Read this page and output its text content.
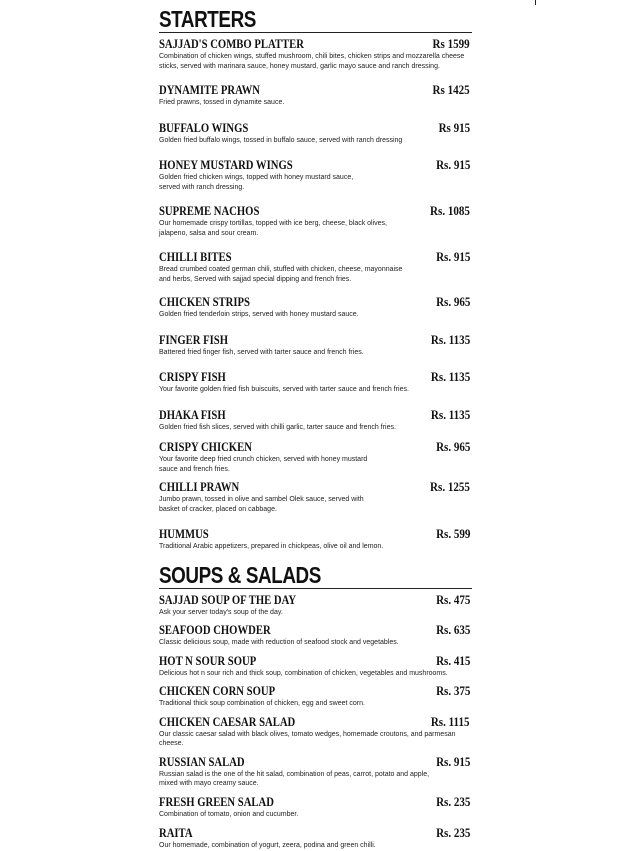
STARTERS
SAJJAD'S COMBO PLATTER	Rs 1599
Combination of chicken wings, stuffed mushroom, chili bites, chicken strips and mozzarella cheese
sticks, served with marinara sauce, honey mustard, garlic mayo sauce and ranch dressing.
DYNAMITE PRAWN	Rs 1425
Fried prawns, tossed in dynamite sauce.
BUFFALO WINGS	Rs 915
Golden fried buffalo wings, tossed in buffalo sauce, served with ranch dressing
HONEY MUSTARD WINGS	Rs. 915
Golden fried chicken wings, topped with honey mustard sauce,
served with ranch dressing.
SUPREME NACHOS	Rs. 1085
Our homemade crispy tortillas, topped with ice berg, cheese, black olives,
jalapeno, salsa and sour cream.
CHILLI BITES	Rs. 915
Bread crumbed coated german chili, stuffed with chicken, cheese, mayonnaise
and herbs, Served with sajjad special dipping and french fries.
CHICKEN STRIPS	Rs. 965
Golden fried tenderloin strips, served with honey mustard sauce.
FINGER FISH	Rs. 1135
Battered fried finger fish, served with tarter sauce and french fries.
CRISPY FISH	Rs. 1135
Your favorite golden fried fish buiscuits, served with tarter sauce and french fries.
DHAKA FISH	Rs. 1135
Golden fried fish slices, served with chilli garlic, tarter sauce and french fries.
CRISPY CHICKEN	Rs. 965
Your favorite deep fried crunch chicken, served with honey mustard
sauce and french fries.
CHILLI PRAWN	Rs. 1255
Jumbo prawn, tossed in olive and sambel Olek sauce, served with
basket of cracker, placed on cabbage.
HUMMUS	Rs. 599
Traditional Arabic appetizers, prepared in chickpeas, olive oil and lemon.
SOUPS & SALADS
SAJJAD SOUP OF THE DAY	Rs. 475
Ask your server today's soup of the day.
SEAFOOD CHOWDER	Rs. 635
Classic delicious soup, made with reduction of seafood stock and vegetables.
HOT N SOUR SOUP	Rs. 415
Delicious hot n sour rich and thick soup, combination of chicken, vegetables and mushrooms.
CHICKEN CORN SOUP	Rs. 375
Traditional thick soup combination of chicken, egg and sweet corn.
CHICKEN CAESAR SALAD	Rs. 1115
Our classic caesar salad with black olives, tomato wedges, homemade croutons, and parmesan cheese.
RUSSIAN SALAD	Rs. 915
Russian salad is the one of the hit salad, combination of peas, carrot, potato and apple,
mixed with mayo creamy sauce.
FRESH GREEN SALAD	Rs. 235
Combination of tomato, onion and cucumber.
RAITA	Rs. 235
Our homemade, combination of yogurt, zeera, podina and green chilli.
